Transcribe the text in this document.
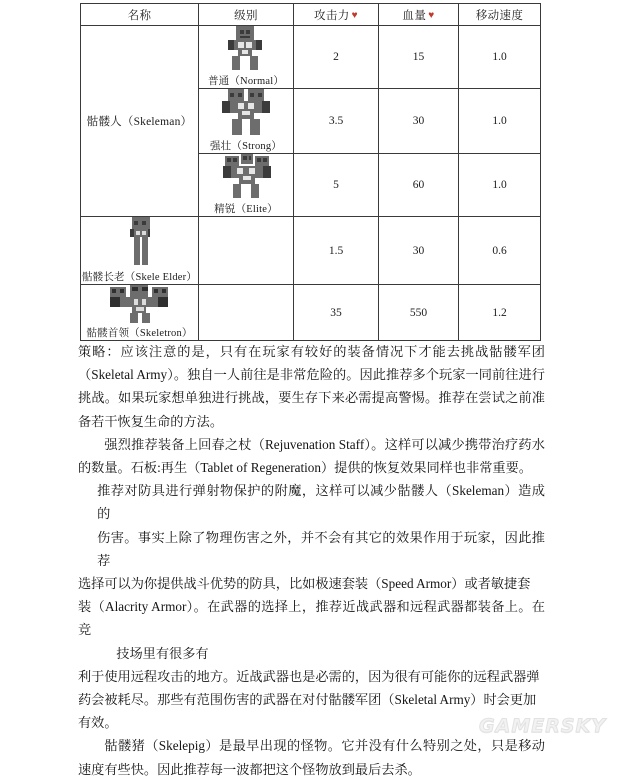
名称	级别	攻击力 ♥	血量 ♥	移动速度
骷髅人（Skeleman）	普通（Normal）	2	15	1.0

	强壮（Strong）	3.5	30	1.0

	精锐（Elite）	5	60	1.0

骷髅长老（Skele Elder）		1.5	30	0.6

骷髅首领（Skeletron）		35	550	1.2

策略：应该注意的是，只有在玩家有较好的装备情况下才能去挑战骷髅军团（Skeletal Army）。独自一人前往是非常危险的。因此推荐多个玩家一同前往进行挑战。如果玩家想单独进行挑战，要生存下来必需提高警惕。推荐在尝试之前准备若干恢复生命的方法。

强烈推荐装备上回春之杖（Rejuvenation Staff）。这样可以减少携带治疗药水的数量。石板:再生（Tablet of Regeneration）提供的恢复效果同样也非常重要。

推荐对防具进行弹射物保护的附魔，这样可以减少骷髅人（Skeleman）造成 的
伤害。事实上除了物理伤害之外，并不会有其它的效果作用于玩家，因此推荐
选择可以为你提供战斗优势的防具，比如极速套装（Speed Armor）或者敏捷套
装（Alacrity Armor）。在武器的选择上，推荐近战武器和远程武器都装备上。在竞
技场里有很多有
利于使用远程攻击的地方。近战武器也是必需的，因为很有可能你的远程武器弹
药会被耗尽。那些有范围伤害的武器在对付骷髅军团（Skeletal Army）时会更加
有效。

骷髅猪（Skelepig）是最早出现的怪物。它并没有什么特别之处，只是移动速度有些快。因此推荐每一波都把这个怪物放到最后去杀。

GAMERSKY
